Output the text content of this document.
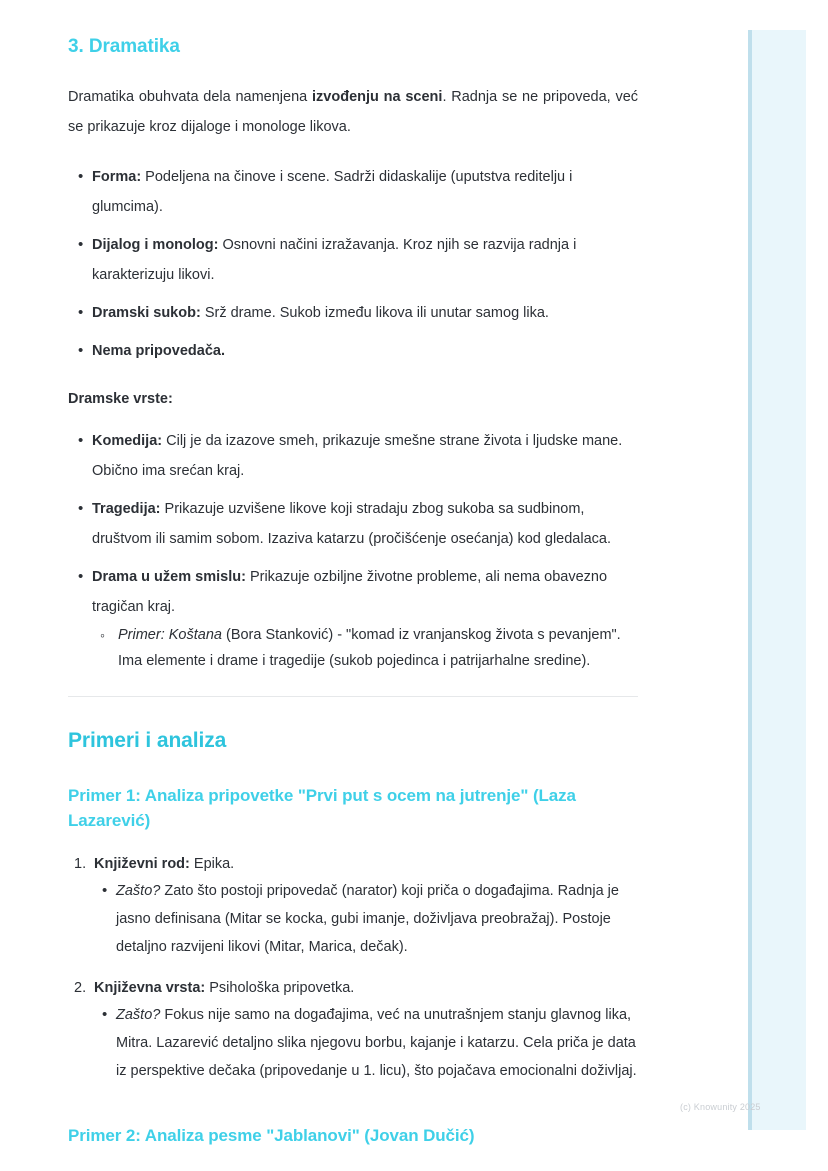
3. Dramatika

Dramatika obuhvata dela namenjena izvođenju na sceni. Radnja se ne pripoveda, već se prikazuje kroz dijaloge i monologe likova.

• Forma: Podeljena na činove i scene. Sadrži didaskalije (uputstva reditelju i glumcima).
• Dijalog i monolog: Osnovni načini izražavanja. Kroz njih se razvija radnja i karakterizuju likovi.
• Dramski sukob: Srž drame. Sukob između likova ili unutar samog lika.
• Nema pripovedača.

Dramske vrste:

• Komedija: Cilj je da izazove smeh, prikazuje smešne strane života i ljudske mane. Obično ima srećan kraj.
• Tragedija: Prikazuje uzvišene likove koji stradaju zbog sukoba sa sudbinom, društvom ili samim sobom. Izaziva katarzu (pročišćenje osećanja) kod gledalaca.
• Drama u užem smislu: Prikazuje ozbiljne životne probleme, ali nema obavezno tragičan kraj.
◦ Primer: Koštana (Bora Stanković) - "komad iz vranjanskog života s pevanjem". Ima elemente i drame i tragedije (sukob pojedinca i patrijarhalne sredine).
Primeri i analiza
Primer 1: Analiza pripovetke "Prvi put s ocem na jutrenje" (Laza Lazarević)
Književni rod: Epika.
• Zašto? Zato što postoji pripovedač (narator) koji priča o događajima. Radnja je jasno definisana (Mitar se kocka, gubi imanje, doživljava preobražaj). Postoje detaljno razvijeni likovi (Mitar, Marica, dečak).
Književna vrsta: Psihološka pripovetka.
• Zašto? Fokus nije samo na događajima, već na unutrašnjem stanju glavnog lika, Mitra. Lazarević detaljno slika njegovu borbu, kajanje i katarzu. Cela priča je data iz perspektive dečaka (pripovedanje u 1. licu), što pojačava emocionalni doživljaj.
Primer 2: Analiza pesme "Jablanovi" (Jovan Dučić)
(c) Knowunity 2025
